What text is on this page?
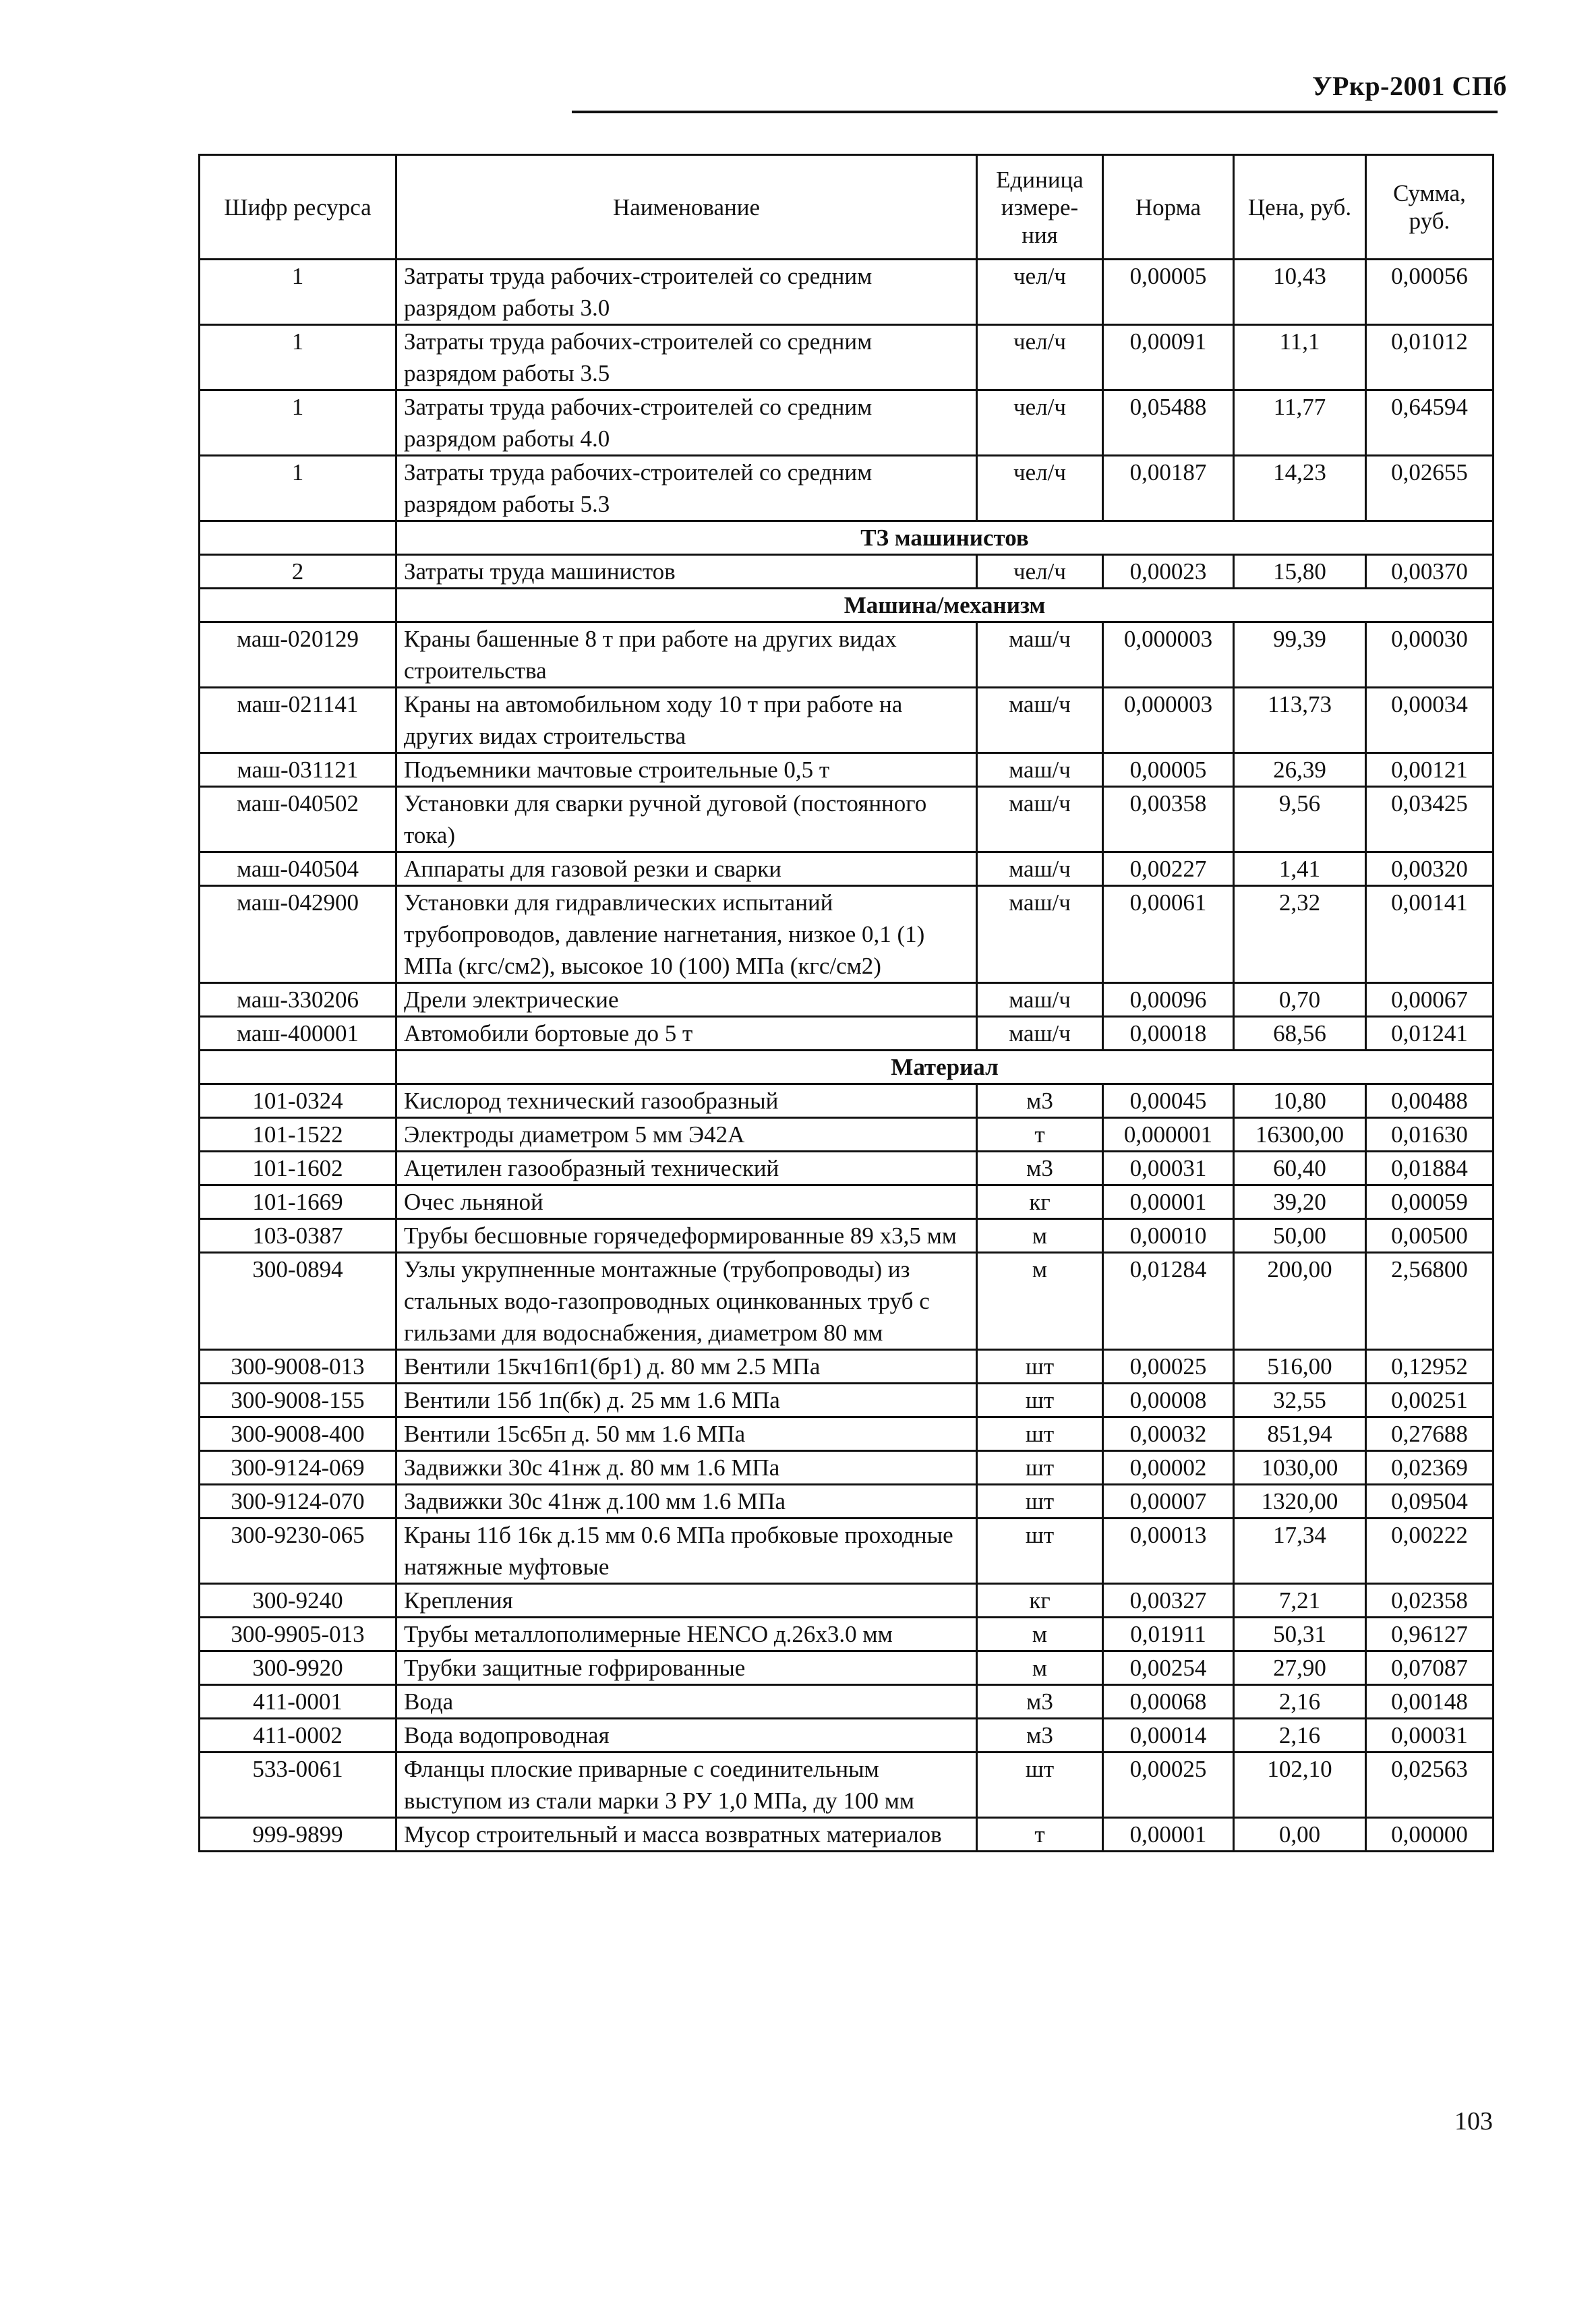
УРкр-2001 СПб
Шифр ресурса	Наименование	Единица измере-ния	Норма	Цена, руб.	Сумма, руб.
1	Затраты труда рабочих-строителей со средним разрядом работы 3.0	чел/ч	0,00005	10,43	0,00056
1	Затраты труда рабочих-строителей со средним разрядом работы 3.5	чел/ч	0,00091	11,1	0,01012
1	Затраты труда рабочих-строителей со средним разрядом работы 4.0	чел/ч	0,05488	11,77	0,64594
1	Затраты труда рабочих-строителей со средним разрядом работы 5.3	чел/ч	0,00187	14,23	0,02655
	ТЗ машинистов				
2	Затраты труда машинистов	чел/ч	0,00023	15,80	0,00370
	Машина/механизм				
маш-020129	Краны башенные 8 т при работе на других видах строительства	маш/ч	0,000003	99,39	0,00030
маш-021141	Краны на автомобильном ходу 10 т при работе на других видах строительства	маш/ч	0,000003	113,73	0,00034
маш-031121	Подъемники мачтовые строительные 0,5 т	маш/ч	0,00005	26,39	0,00121
маш-040502	Установки для сварки ручной дуговой (постоянного тока)	маш/ч	0,00358	9,56	0,03425
маш-040504	Аппараты для газовой резки и сварки	маш/ч	0,00227	1,41	0,00320
маш-042900	Установки для гидравлических испытаний трубопроводов, давление нагнетания, низкое 0,1 (1) МПа (кгс/см2), высокое 10 (100) МПа (кгс/см2)	маш/ч	0,00061	2,32	0,00141
маш-330206	Дрели электрические	маш/ч	0,00096	0,70	0,00067
маш-400001	Автомобили бортовые до 5 т	маш/ч	0,00018	68,56	0,01241
	Материал				
101-0324	Кислород технический газообразный	м3	0,00045	10,80	0,00488
101-1522	Электроды диаметром 5 мм Э42А	т	0,000001	16300,00	0,01630
101-1602	Ацетилен газообразный технический	м3	0,00031	60,40	0,01884
101-1669	Очес льняной	кг	0,00001	39,20	0,00059
103-0387	Трубы бесшовные горячедеформированные 89 х3,5 мм	м	0,00010	50,00	0,00500
300-0894	Узлы укрупненные монтажные (трубопроводы) из стальных водо-газопроводных оцинкованных труб с гильзами для водоснабжения, диаметром 80 мм	м	0,01284	200,00	2,56800
300-9008-013	Вентили 15кч16п1(бр1) д. 80 мм 2.5 МПа	шт	0,00025	516,00	0,12952
300-9008-155	Вентили 15б 1п(бк) д. 25 мм 1.6 МПа	шт	0,00008	32,55	0,00251
300-9008-400	Вентили 15с65п д. 50 мм 1.6 МПа	шт	0,00032	851,94	0,27688
300-9124-069	Задвижки 30с 41нж д. 80 мм 1.6 МПа	шт	0,00002	1030,00	0,02369
300-9124-070	Задвижки 30с 41нж д.100 мм 1.6 МПа	шт	0,00007	1320,00	0,09504
300-9230-065	Краны 11б 16к д.15 мм 0.6 МПа пробковые проходные натяжные муфтовые	шт	0,00013	17,34	0,00222
300-9240	Крепления	кг	0,00327	7,21	0,02358
300-9905-013	Трубы металлополимерные HENCO д.26х3.0 мм	м	0,01911	50,31	0,96127
300-9920	Трубки защитные гофрированные	м	0,00254	27,90	0,07087
411-0001	Вода	м3	0,00068	2,16	0,00148
411-0002	Вода водопроводная	м3	0,00014	2,16	0,00031
533-0061	Фланцы плоские приварные с соединительным выступом из стали марки 3 РУ 1,0 МПа, ду 100 мм	шт	0,00025	102,10	0,02563
999-9899	Мусор строительный и масса возвратных материалов	т	0,00001	0,00	0,00000
103
